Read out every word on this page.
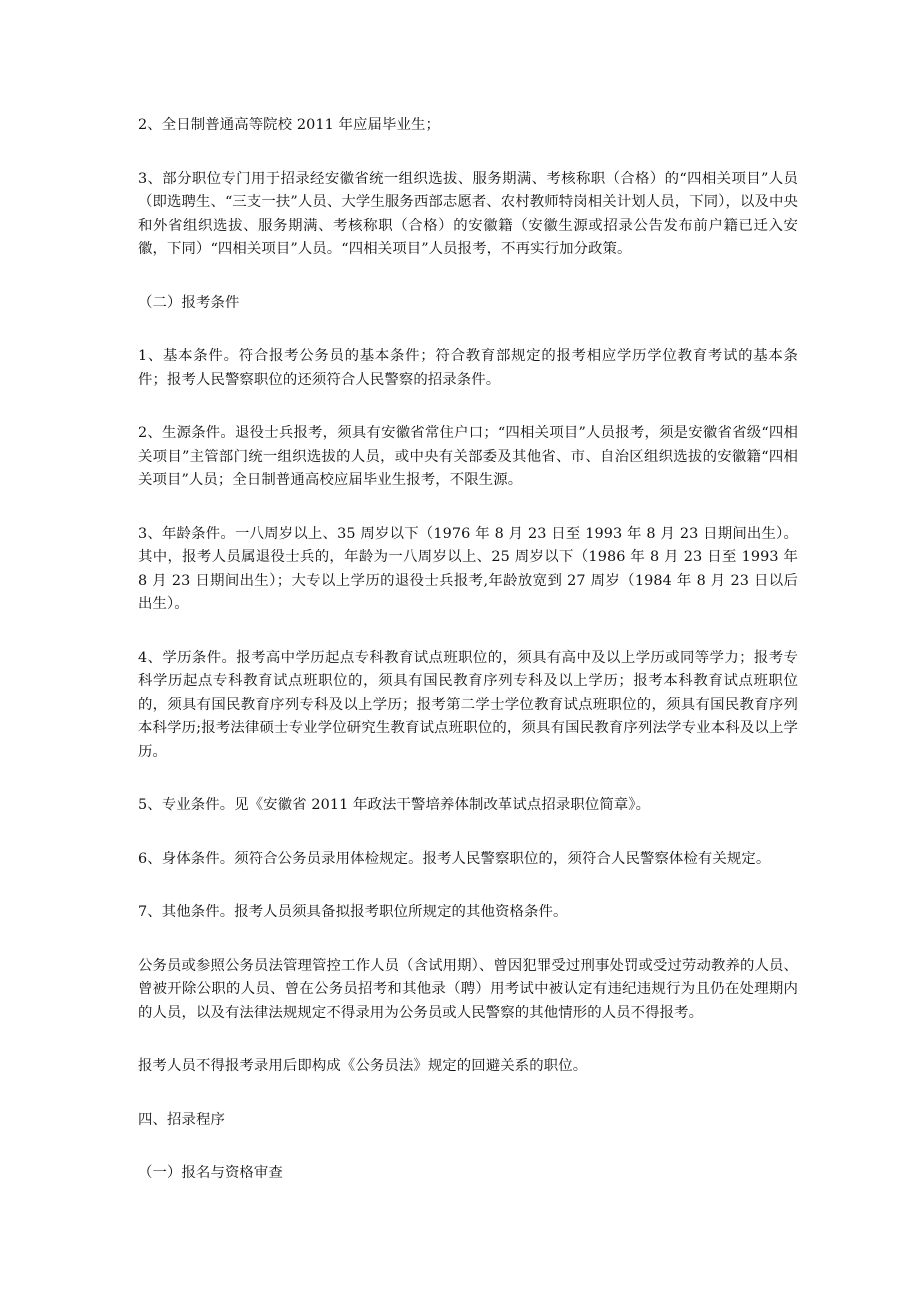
2、全日制普通高等院校 2011 年应届毕业生；

3、部分职位专门用于招录经安徽省统一组织选拔、服务期满、考核称职（合格）的“四相关项目”人员（即选聘生、“三支一扶”人员、大学生服务西部志愿者、农村教师特岗相关计划人员，下同），以及中央和外省组织选拔、服务期满、考核称职（合格）的安徽籍（安徽生源或招录公告发布前户籍已迁入安徽，下同）“四相关项目”人员。“四相关项目”人员报考，不再实行加分政策。

（二）报考条件

1、基本条件。符合报考公务员的基本条件；符合教育部规定的报考相应学历学位教育考试的基本条件；报考人民警察职位的还须符合人民警察的招录条件。

2、生源条件。退役士兵报考，须具有安徽省常住户口；“四相关项目”人员报考，须是安徽省省级“四相关项目”主管部门统一组织选拔的人员，或中央有关部委及其他省、市、自治区组织选拔的安徽籍“四相关项目”人员；全日制普通高校应届毕业生报考，不限生源。

3、年龄条件。一八周岁以上、35 周岁以下（1976 年 8 月 23 日至 1993 年 8 月 23 日期间出生）。其中，报考人员属退役士兵的，年龄为一八周岁以上、25 周岁以下（1986 年 8 月 23 日至 1993 年 8 月 23 日期间出生）；大专以上学历的退役士兵报考,年龄放宽到 27 周岁（1984 年 8 月 23 日以后出生）。

4、学历条件。报考高中学历起点专科教育试点班职位的，须具有高中及以上学历或同等学力；报考专科学历起点专科教育试点班职位的，须具有国民教育序列专科及以上学历；报考本科教育试点班职位的，须具有国民教育序列专科及以上学历；报考第二学士学位教育试点班职位的，须具有国民教育序列本科学历;报考法律硕士专业学位研究生教育试点班职位的，须具有国民教育序列法学专业本科及以上学历。

5、专业条件。见《安徽省 2011 年政法干警培养体制改革试点招录职位简章》。

6、身体条件。须符合公务员录用体检规定。报考人民警察职位的，须符合人民警察体检有关规定。

7、其他条件。报考人员须具备拟报考职位所规定的其他资格条件。

公务员或参照公务员法管理管控工作人员（含试用期）、曾因犯罪受过刑事处罚或受过劳动教养的人员、曾被开除公职的人员、曾在公务员招考和其他录（聘）用考试中被认定有违纪违规行为且仍在处理期内的人员，以及有法律法规规定不得录用为公务员或人民警察的其他情形的人员不得报考。

报考人员不得报考录用后即构成《公务员法》规定的回避关系的职位。

四、招录程序

（一）报名与资格审查
